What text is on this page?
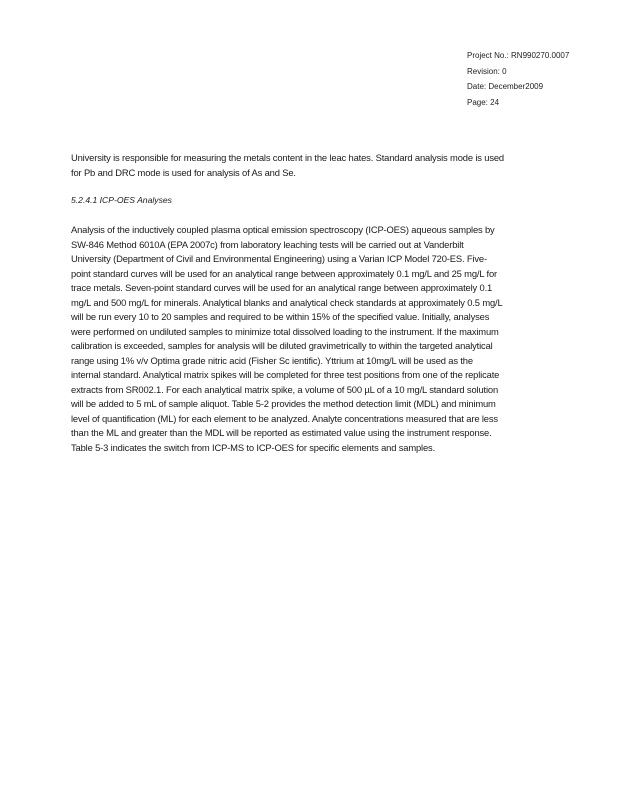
Project No.: RN990270.0007
Revision: 0
Date: December2009
Page: 24
University is responsible for measuring the metals content in the leac hates. Standard analysis mode is used
for Pb and DRC mode is used for analysis of As and Se.
5.2.4.1 ICP-OES Analyses
Analysis of the inductively coupled plasma optical emission spectroscopy (ICP-OES) aqueous samples by
SW-846 Method 6010A (EPA 2007c) from laboratory leaching tests will be carried out at Vanderbilt
University (Department of Civil and Environmental Engineering) using a Varian ICP Model 720-ES. Five-
point standard curves will be used for an analytical range between approximately 0.1 mg/L and 25 mg/L for
trace metals. Seven-point standard curves will be used for an analytical range between approximately 0.1
mg/L and 500 mg/L for minerals. Analytical blanks and analytical check standards at approximately 0.5 mg/L
will be run every 10 to 20 samples and required to be within 15% of the specified value. Initially, analyses
were performed on undiluted samples to minimize total dissolved loading to the instrument. If the maximum
calibration is exceeded, samples for analysis will be diluted gravimetrically to within the targeted analytical
range using 1% v/v Optima grade nitric acid (Fisher Sc ientific). Yttrium at 10mg/L will be used as the
internal standard. Analytical matrix spikes will be completed for three test positions from one of the replicate
extracts from SR002.1. For each analytical matrix spike, a volume of 500 µL of a 10 mg/L standard solution
will be added to 5 mL of sample aliquot. Table 5-2 provides the method detection limit (MDL) and minimum
level of quantification (ML) for each element to be analyzed. Analyte concentrations measured that are less
than the ML and greater than the MDL will be reported as estimated value using the instrument response.
Table 5-3 indicates the switch from ICP-MS to ICP-OES for specific elements and samples.
